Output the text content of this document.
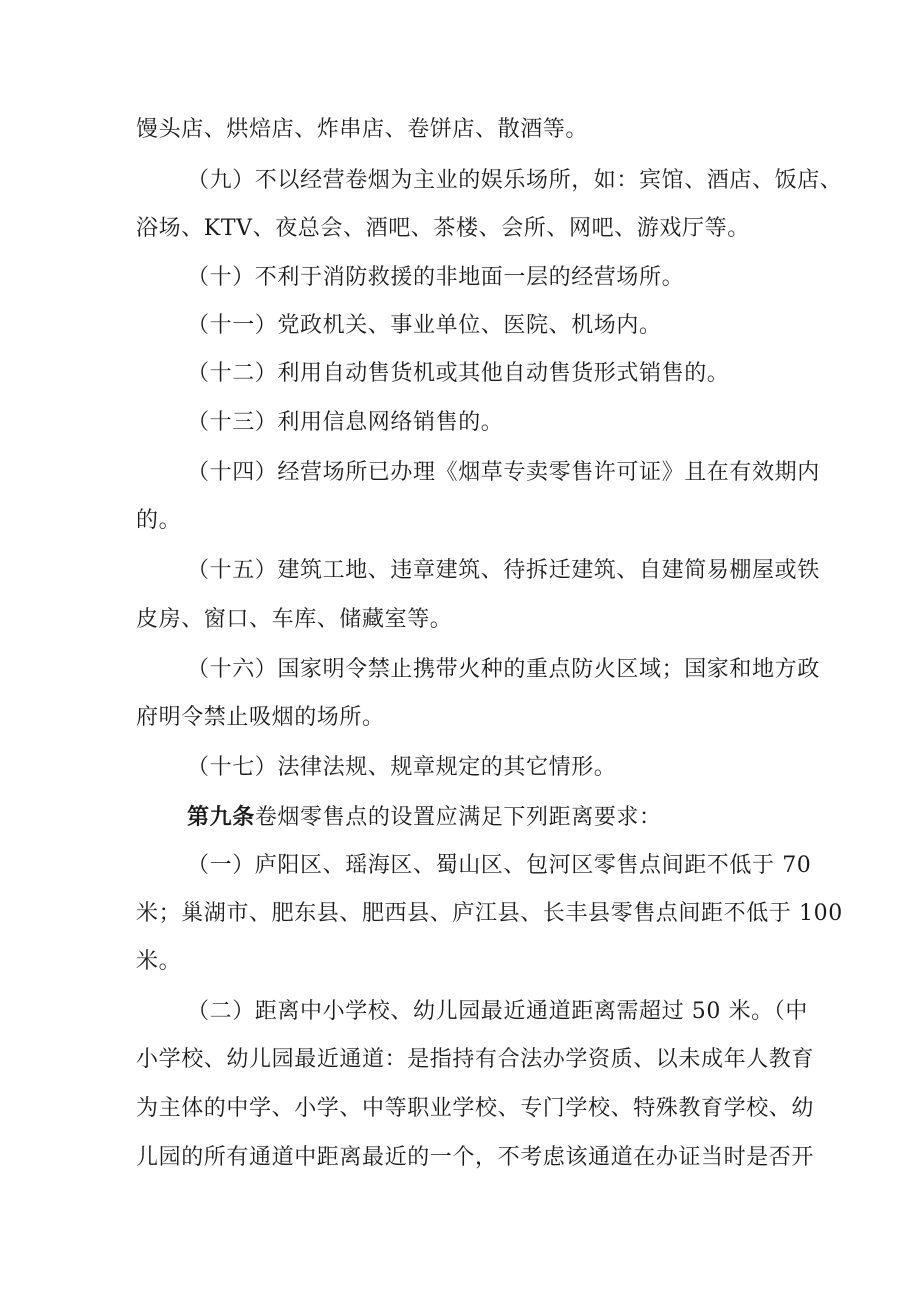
馒头店、烘焙店、炸串店、卷饼店、散酒等。
（九）不以经营卷烟为主业的娱乐场所，如：宾馆、酒店、饭店、
浴场、KTV、夜总会、酒吧、茶楼、会所、网吧、游戏厅等。
（十）不利于消防救援的非地面一层的经营场所。
（十一）党政机关、事业单位、医院、机场内。
（十二）利用自动售货机或其他自动售货形式销售的。
（十三）利用信息网络销售的。
（十四）经营场所已办理《烟草专卖零售许可证》且在有效期内
的。
（十五）建筑工地、违章建筑、待拆迁建筑、自建简易棚屋或铁
皮房、窗口、车库、储藏室等。
（十六）国家明令禁止携带火种的重点防火区域；国家和地方政
府明令禁止吸烟的场所。
（十七）法律法规、规章规定的其它情形。
第九条卷烟零售点的设置应满足下列距离要求：
（一）庐阳区、瑶海区、蜀山区、包河区零售点间距不低于 70
米；巢湖市、肥东县、肥西县、庐江县、长丰县零售点间距不低于 100
米。
（二）距离中小学校、幼儿园最近通道距离需超过 50 米。（中
小学校、幼儿园最近通道：是指持有合法办学资质、以未成年人教育
为主体的中学、小学、中等职业学校、专门学校、特殊教育学校、幼
儿园的所有通道中距离最近的一个，不考虑该通道在办证当时是否开
